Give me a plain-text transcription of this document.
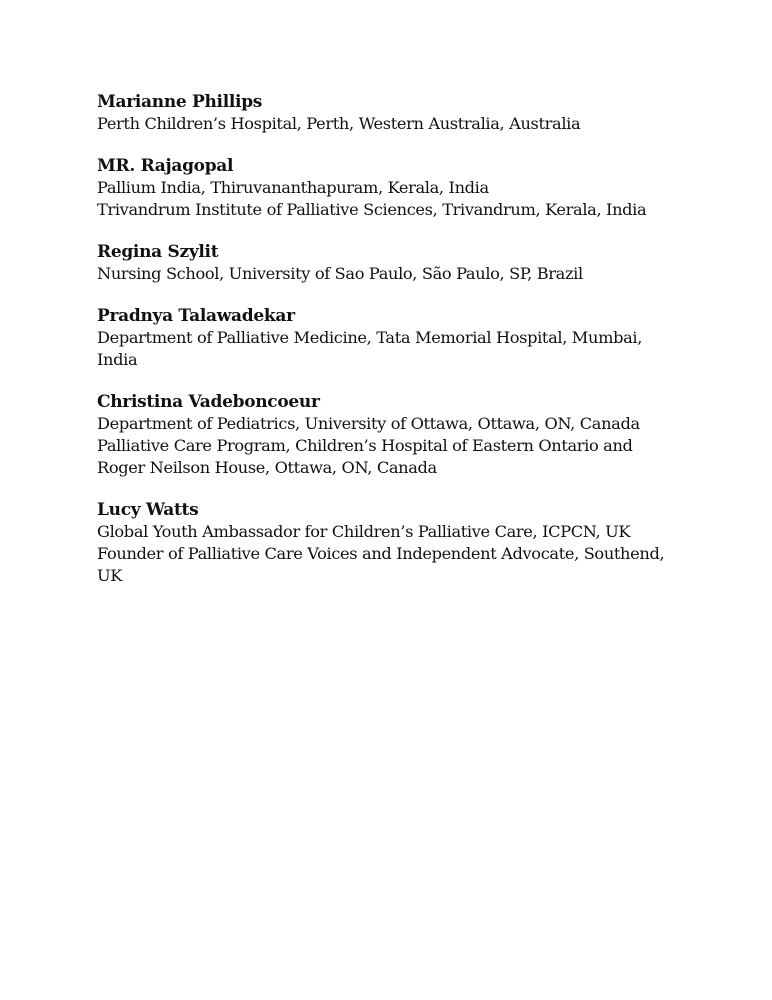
Marianne Phillips
Perth Children’s Hospital, Perth, Western Australia, Australia
MR. Rajagopal
Pallium India, Thiruvananthapuram, Kerala, India
Trivandrum Institute of Palliative Sciences, Trivandrum, Kerala, India
Regina Szylit
Nursing School, University of Sao Paulo, São Paulo, SP, Brazil
Pradnya Talawadekar
Department of Palliative Medicine, Tata Memorial Hospital, Mumbai,
India
Christina Vadeboncoeur
Department of Pediatrics, University of Ottawa, Ottawa, ON, Canada
Palliative Care Program, Children’s Hospital of Eastern Ontario and
Roger Neilson House, Ottawa, ON, Canada
Lucy Watts
Global Youth Ambassador for Children’s Palliative Care, ICPCN, UK
Founder of Palliative Care Voices and Independent Advocate, Southend,
UK
